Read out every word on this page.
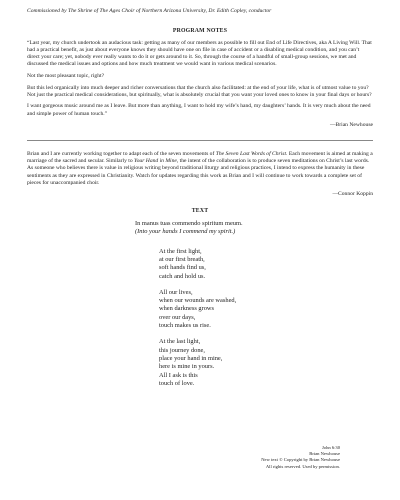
Commissioned by The Shrine of The Ages Choir of Northern Arizona University, Dr. Edith Copley, conductor
PROGRAM NOTES

“Last year, my church undertook an audacious task: getting as many of our members as possible to fill out End of Life Directives, aka A Living Will. That had a practical benefit, as just about everyone knows they should have one on file in case of accident or a disabling medical condition, and you can’t direct your care; yet, nobody ever really wants to do it or gets around to it. So, through the course of a handful of small-group sessions, we met and discussed the medical issues and options and how much treatment we would want in various medical scenarios.

Not the most pleasant topic, right?

But this led organically into much deeper and richer conversations that the church also facilitated: at the end of your life, what is of utmost value to you? Not just the practical medical considerations, but spiritually, what is absolutely crucial that you want your loved ones to know in your final days or hours?

I want gorgeous music around me as I leave. But more than anything, I want to hold my wife’s hand, my daughters’ hands. It is very much about the need and simple power of human touch.”

—Brian Newhouse

Brian and I are currently working together to adapt each of the seven movements of The Seven Last Words of Christ. Each movement is aimed at making a marriage of the sacred and secular. Similarly to Your Hand in Mine, the intent of the collaboration is to produce seven meditations on Christ’s last words. As someone who believes there is value in religious writing beyond traditional liturgy and religious practices, I intend to express the humanity in these sentiments as they are expressed in Christianity. Watch for updates regarding this work as Brian and I will continue to work towards a complete set of pieces for unaccompanied choir.

—Connor Koppin
TEXT
In manus tuas commendo spiritum meum.
(Into your hands I commend my spirit.)
At the first light,
at our first breath,
soft hands find us,
catch and hold us.
All our lives,
when our wounds are washed,
when darkness grows
over our days,
touch makes us rise.
At the last light,
this journey done,
place your hand in mine,
here is mine in yours.
All I ask is this
touch of love.
John 6:30
Brian Newhouse
New text © Copyright by Brian Newhouse
All rights reserved. Used by permission.
